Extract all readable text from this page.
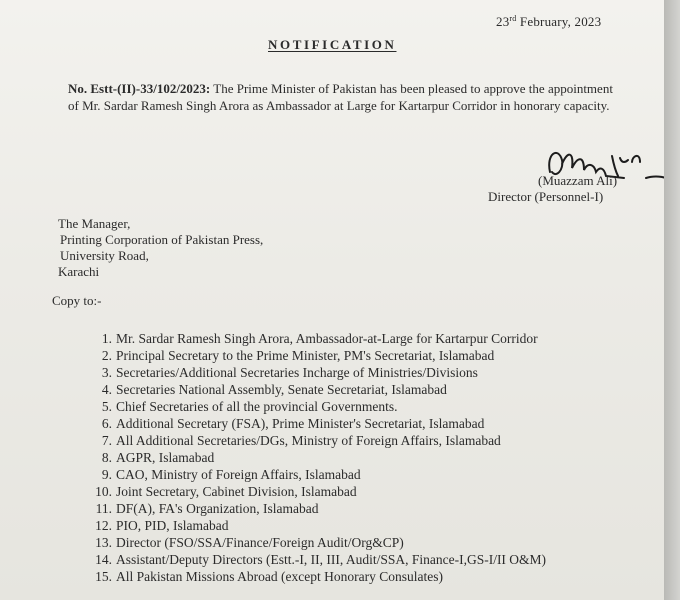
23rd February, 2023
NOTIFICATION
No. Estt-(II)-33/102/2023: The Prime Minister of Pakistan has been pleased to approve the appointment of Mr. Sardar Ramesh Singh Arora as Ambassador at Large for Kartarpur Corridor in honorary capacity.
(Muazzam Ali)
Director (Personnel-I)
The Manager,
Printing Corporation of Pakistan Press,
University Road,
Karachi
Copy to:-
1. Mr. Sardar Ramesh Singh Arora, Ambassador-at-Large for Kartarpur Corridor
2. Principal Secretary to the Prime Minister, PM's Secretariat, Islamabad
3. Secretaries/Additional Secretaries Incharge of Ministries/Divisions
4. Secretaries National Assembly, Senate Secretariat, Islamabad
5. Chief Secretaries of all the provincial Governments.
6. Additional Secretary (FSA), Prime Minister's Secretariat, Islamabad
7. All Additional Secretaries/DGs, Ministry of Foreign Affairs, Islamabad
8. AGPR, Islamabad
9. CAO, Ministry of Foreign Affairs, Islamabad
10. Joint Secretary, Cabinet Division, Islamabad
11. DF(A), FA's Organization, Islamabad
12. PIO, PID, Islamabad
13. Director (FSO/SSA/Finance/Foreign Audit/Org&CP)
14. Assistant/Deputy Directors (Estt.-I, II, III, Audit/SSA, Finance-I,GS-I/II O&M)
15. All Pakistan Missions Abroad (except Honorary Consulates)
